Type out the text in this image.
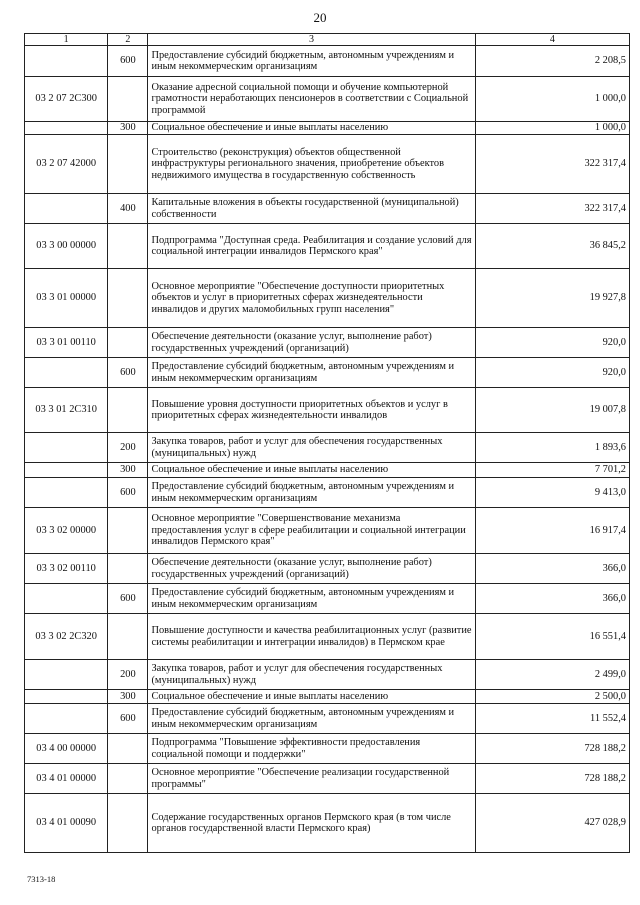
20
1	2	3	4
	600	Предоставление субсидий бюджетным, автономным учреждениям и иным некоммерческим организациям	2 208,5
03 2 07 2С300		Оказание адресной социальной помощи и обучение компьютерной грамотности неработающих пенсионеров в соответствии с Социальной программой	1 000,0
	300	Социальное обеспечение и иные выплаты населению	1 000,0
03 2 07 42000		Строительство (реконструкция) объектов общественной инфраструктуры регионального значения, приобретение объектов недвижимого имущества в государственную собственность	322 317,4
	400	Капитальные вложения в объекты государственной (муниципальной) собственности	322 317,4
03 3 00 00000		Подпрограмма "Доступная среда. Реабилитация и создание условий для социальной интеграции инвалидов Пермского края"	36 845,2
03 3 01 00000		Основное мероприятие "Обеспечение доступности приоритетных объектов и услуг в приоритетных сферах жизнедеятельности инвалидов и других маломобильных групп населения"	19 927,8
03 3 01 00110		Обеспечение деятельности (оказание услуг, выполнение работ) государственных учреждений (организаций)	920,0
	600	Предоставление субсидий бюджетным, автономным учреждениям и иным некоммерческим организациям	920,0
03 3 01 2С310		Повышение уровня доступности приоритетных объектов и услуг в приоритетных сферах жизнедеятельности инвалидов	19 007,8
	200	Закупка товаров, работ и услуг для обеспечения государственных (муниципальных) нужд	1 893,6
	300	Социальное обеспечение и иные выплаты населению	7 701,2
	600	Предоставление субсидий бюджетным, автономным учреждениям и иным некоммерческим организациям	9 413,0
03 3 02 00000		Основное мероприятие "Совершенствование механизма предоставления услуг в сфере реабилитации и социальной интеграции инвалидов Пермского края"	16 917,4
03 3 02 00110		Обеспечение деятельности (оказание услуг, выполнение работ) государственных учреждений (организаций)	366,0
	600	Предоставление субсидий бюджетным, автономным учреждениям и иным некоммерческим организациям	366,0
03 3 02 2С320		Повышение доступности и качества реабилитационных услуг (развитие системы реабилитации и интеграции инвалидов) в Пермском крае	16 551,4
	200	Закупка товаров, работ и услуг для обеспечения государственных (муниципальных) нужд	2 499,0
	300	Социальное обеспечение и иные выплаты населению	2 500,0
	600	Предоставление субсидий бюджетным, автономным учреждениям и иным некоммерческим организациям	11 552,4
03 4 00 00000		Подпрограмма "Повышение эффективности предоставления социальной помощи и поддержки"	728 188,2
03 4 01 00000		Основное мероприятие "Обеспечение реализации государственной программы"	728 188,2
03 4 01 00090		Содержание государственных органов Пермского края (в том числе органов государственной власти Пермского края)	427 028,9
7313-18
